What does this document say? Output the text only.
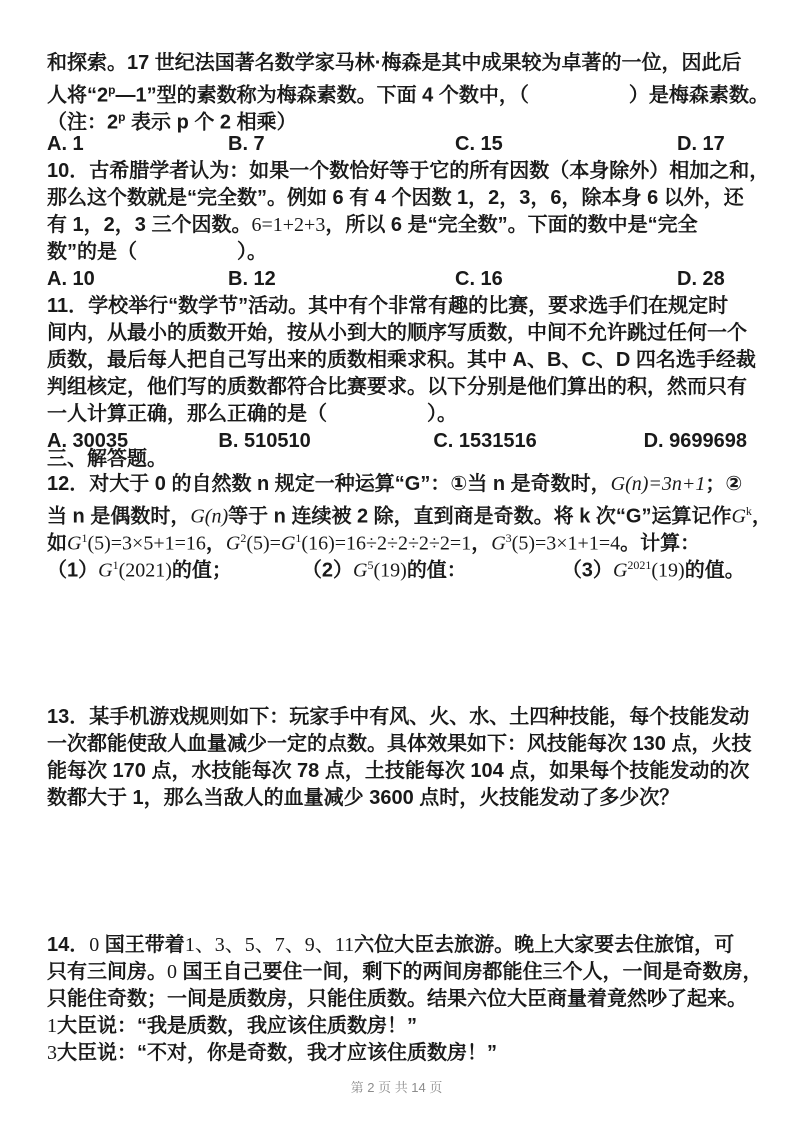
和探索。17 世纪法国著名数学家马林·梅森是其中成果较为卓著的一位，因此后
人将“2$^p$—1”型的素数称为梅森素数。下面 4 个数中，（	）是梅森素数。
（注：2$^p$ 表示 p 个 2 相乘）
A. 1	B. 7	C. 15	D. 17
10．古希腊学者认为：如果一个数恰好等于它的所有因数（本身除外）相加之和，
那么这个数就是“完全数”。例如 6 有 4 个因数 1，2，3，6，除本身 6 以外，还
有 1，2，3 三个因数。6=1+2+3，所以 6 是“完全数”。下面的数中是“完全
数”的是（	）。
A. 10	B. 12	C. 16	D. 28
11．学校举行“数学节”活动。其中有个非常有趣的比赛，要求选手们在规定时
间内，从最小的质数开始，按从小到大的顺序写质数，中间不允许跳过任何一个
质数，最后每人把自己写出来的质数相乘求积。其中 A、B、C、D 四名选手经裁
判组核定，他们写的质数都符合比赛要求。以下分别是他们算出的积，然而只有
一人计算正确，那么正确的是（	）。
A. 30035	B. 510510	C. 1531516	D. 9699698
三、解答题。
12．对大于 0 的自然数 n 规定一种运算“G”：①当 n 是奇数时，G(n)=3n+1；②
当 n 是偶数时，G(n)等于 n 连续被 2 除，直到商是奇数。将 k 次“G”运算记作$G^k$，
如$G^1(5)=3\times 5+1=16$，$G^2(5)=G^1(16)=16\div 2\div 2\div 2\div 2=1$，$G^3(5)=3\times 1+1=4$。计算：
$(1)G^1(2021)$的值；	$(2)G^5(19)$的值：	$(3)G^{2021}(19)$的值。
13．某手机游戏规则如下：玩家手中有风、火、水、土四种技能，每个技能发动
一次都能使敌人血量减少一定的点数。具体效果如下：风技能每次 130 点，火技
能每次 170 点，水技能每次 78 点，土技能每次 104 点，如果每个技能发动的次
数都大于 1，那么当敌人的血量减少 3600 点时，火技能发动了多少次？
14．0 国王带着1、3、5、7、9、11六位大臣去旅游。晚上大家要去住旅馆，可
只有三间房。0 国王自己要住一间，剩下的两间房都能住三个人，一间是奇数房，
只能住奇数；一间是质数房，只能住质数。结果六位大臣商量着竟然吵了起来。
1大臣说：“我是质数，我应该住质数房！”
3大臣说：“不对，你是奇数，我才应该住质数房！”
第 2 页 共 14 页
